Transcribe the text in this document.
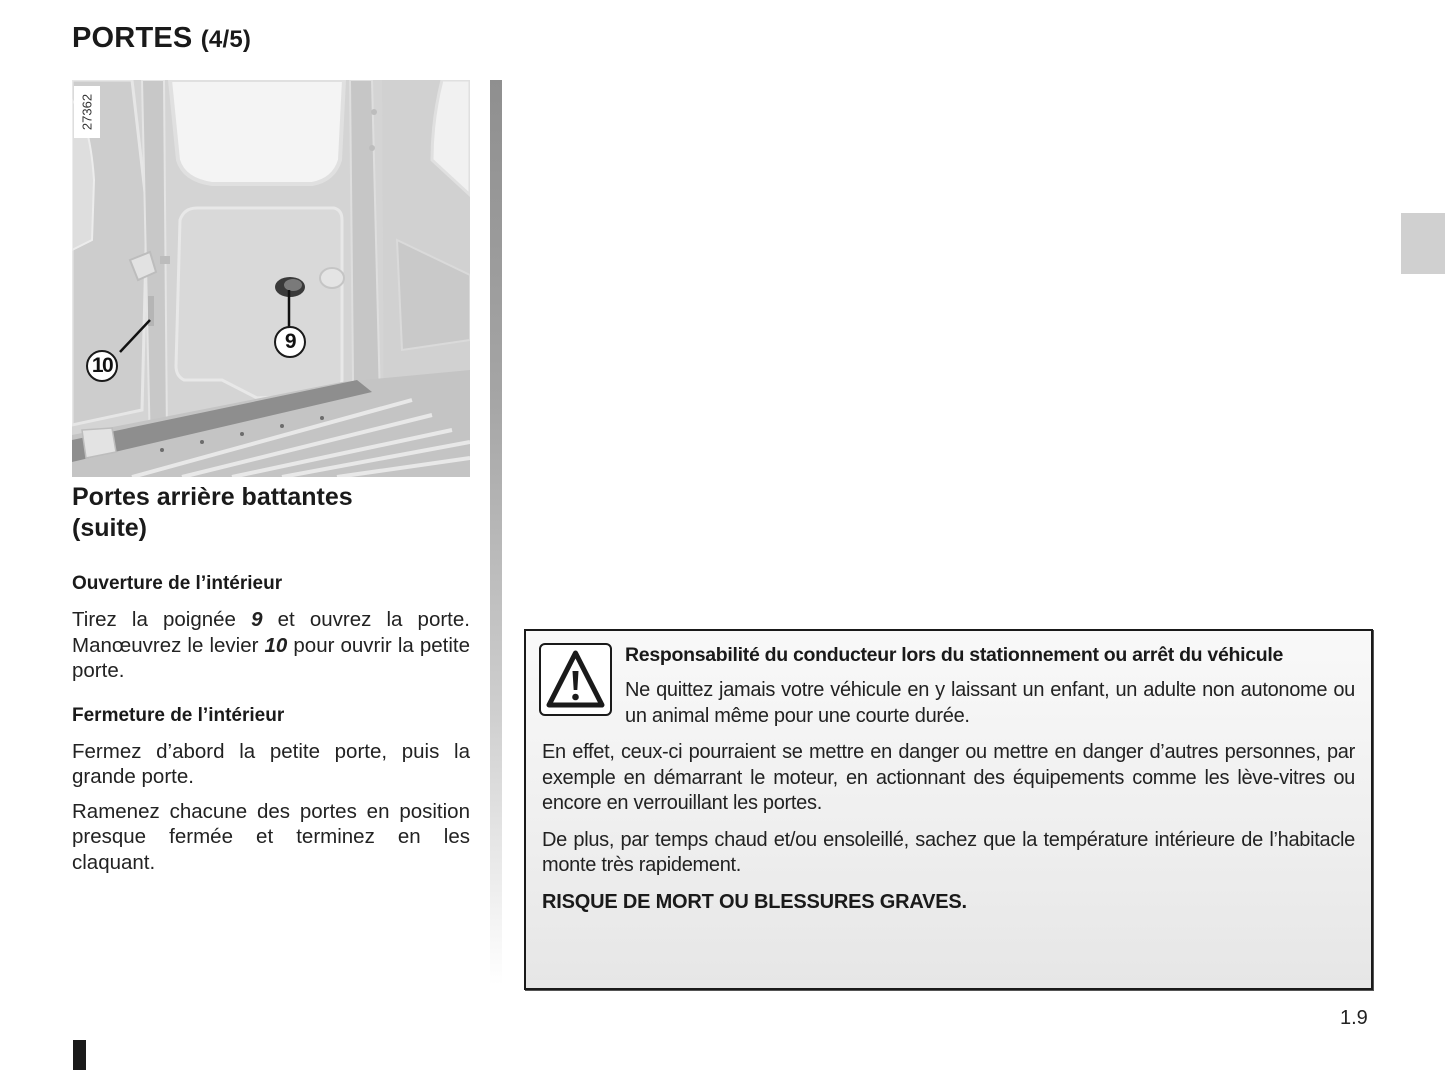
PORTES (4/5)
27362
9
10
Portes arrière battantes
(suite)
Ouverture de l’intérieur

Tirez la poignée 9 et ouvrez la porte. Manœuvrez le levier 10 pour ouvrir la petite porte.

Fermeture de l’intérieur

Fermez d’abord la petite porte, puis la grande porte.

Ramenez chacune des portes en position presque fermée et terminez en les claquant.

Responsabilité du conducteur lors du stationnement ou arrêt du véhicule

Ne quittez jamais votre véhicule en y laissant un enfant, un adulte non autonome ou un animal même pour une courte durée.

En effet, ceux-ci pourraient se mettre en danger ou mettre en danger d’autres personnes, par exemple en démarrant le moteur, en actionnant des équipements comme les lève-vitres ou encore en verrouillant les portes.

De plus, par temps chaud et/ou ensoleillé, sachez que la température intérieure de l’habitacle monte très rapidement.

RISQUE DE MORT OU BLESSURES GRAVES.

1.9
